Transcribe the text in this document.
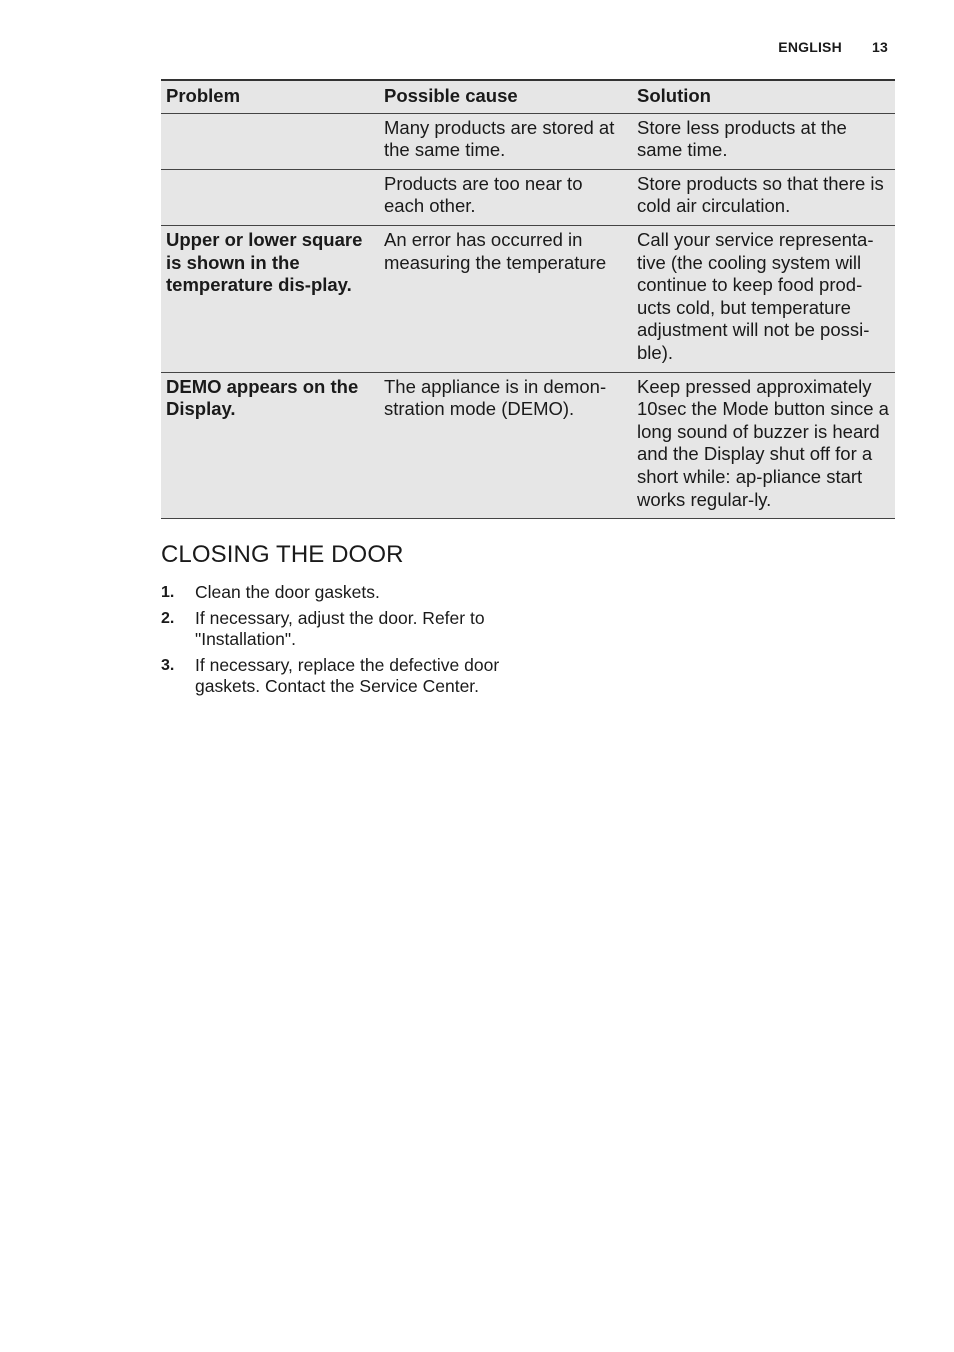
ENGLISH 13
Problem	Possible cause	Solution
	Many products are stored at the same time.	Store less products at the same time.
	Products are too near to each other.	Store products so that there is cold air circulation.
Upper or lower square is shown in the temperature dis-play.	An error has occurred in measuring the temperature	Call your service representa-tive (the cooling system will continue to keep food prod-ucts cold, but temperature adjustment will not be possi-ble).
DEMO appears on the Display.	The appliance is in demon-stration mode (DEMO).	Keep pressed approximately 10sec the Mode button since a long sound of buzzer is heard and the Display shut off for a short while: ap-pliance start works regular-ly.
CLOSING THE DOOR
1. Clean the door gaskets.
2. If necessary, adjust the door. Refer to "Installation".
3. If necessary, replace the defective door gaskets. Contact the Service Center.
